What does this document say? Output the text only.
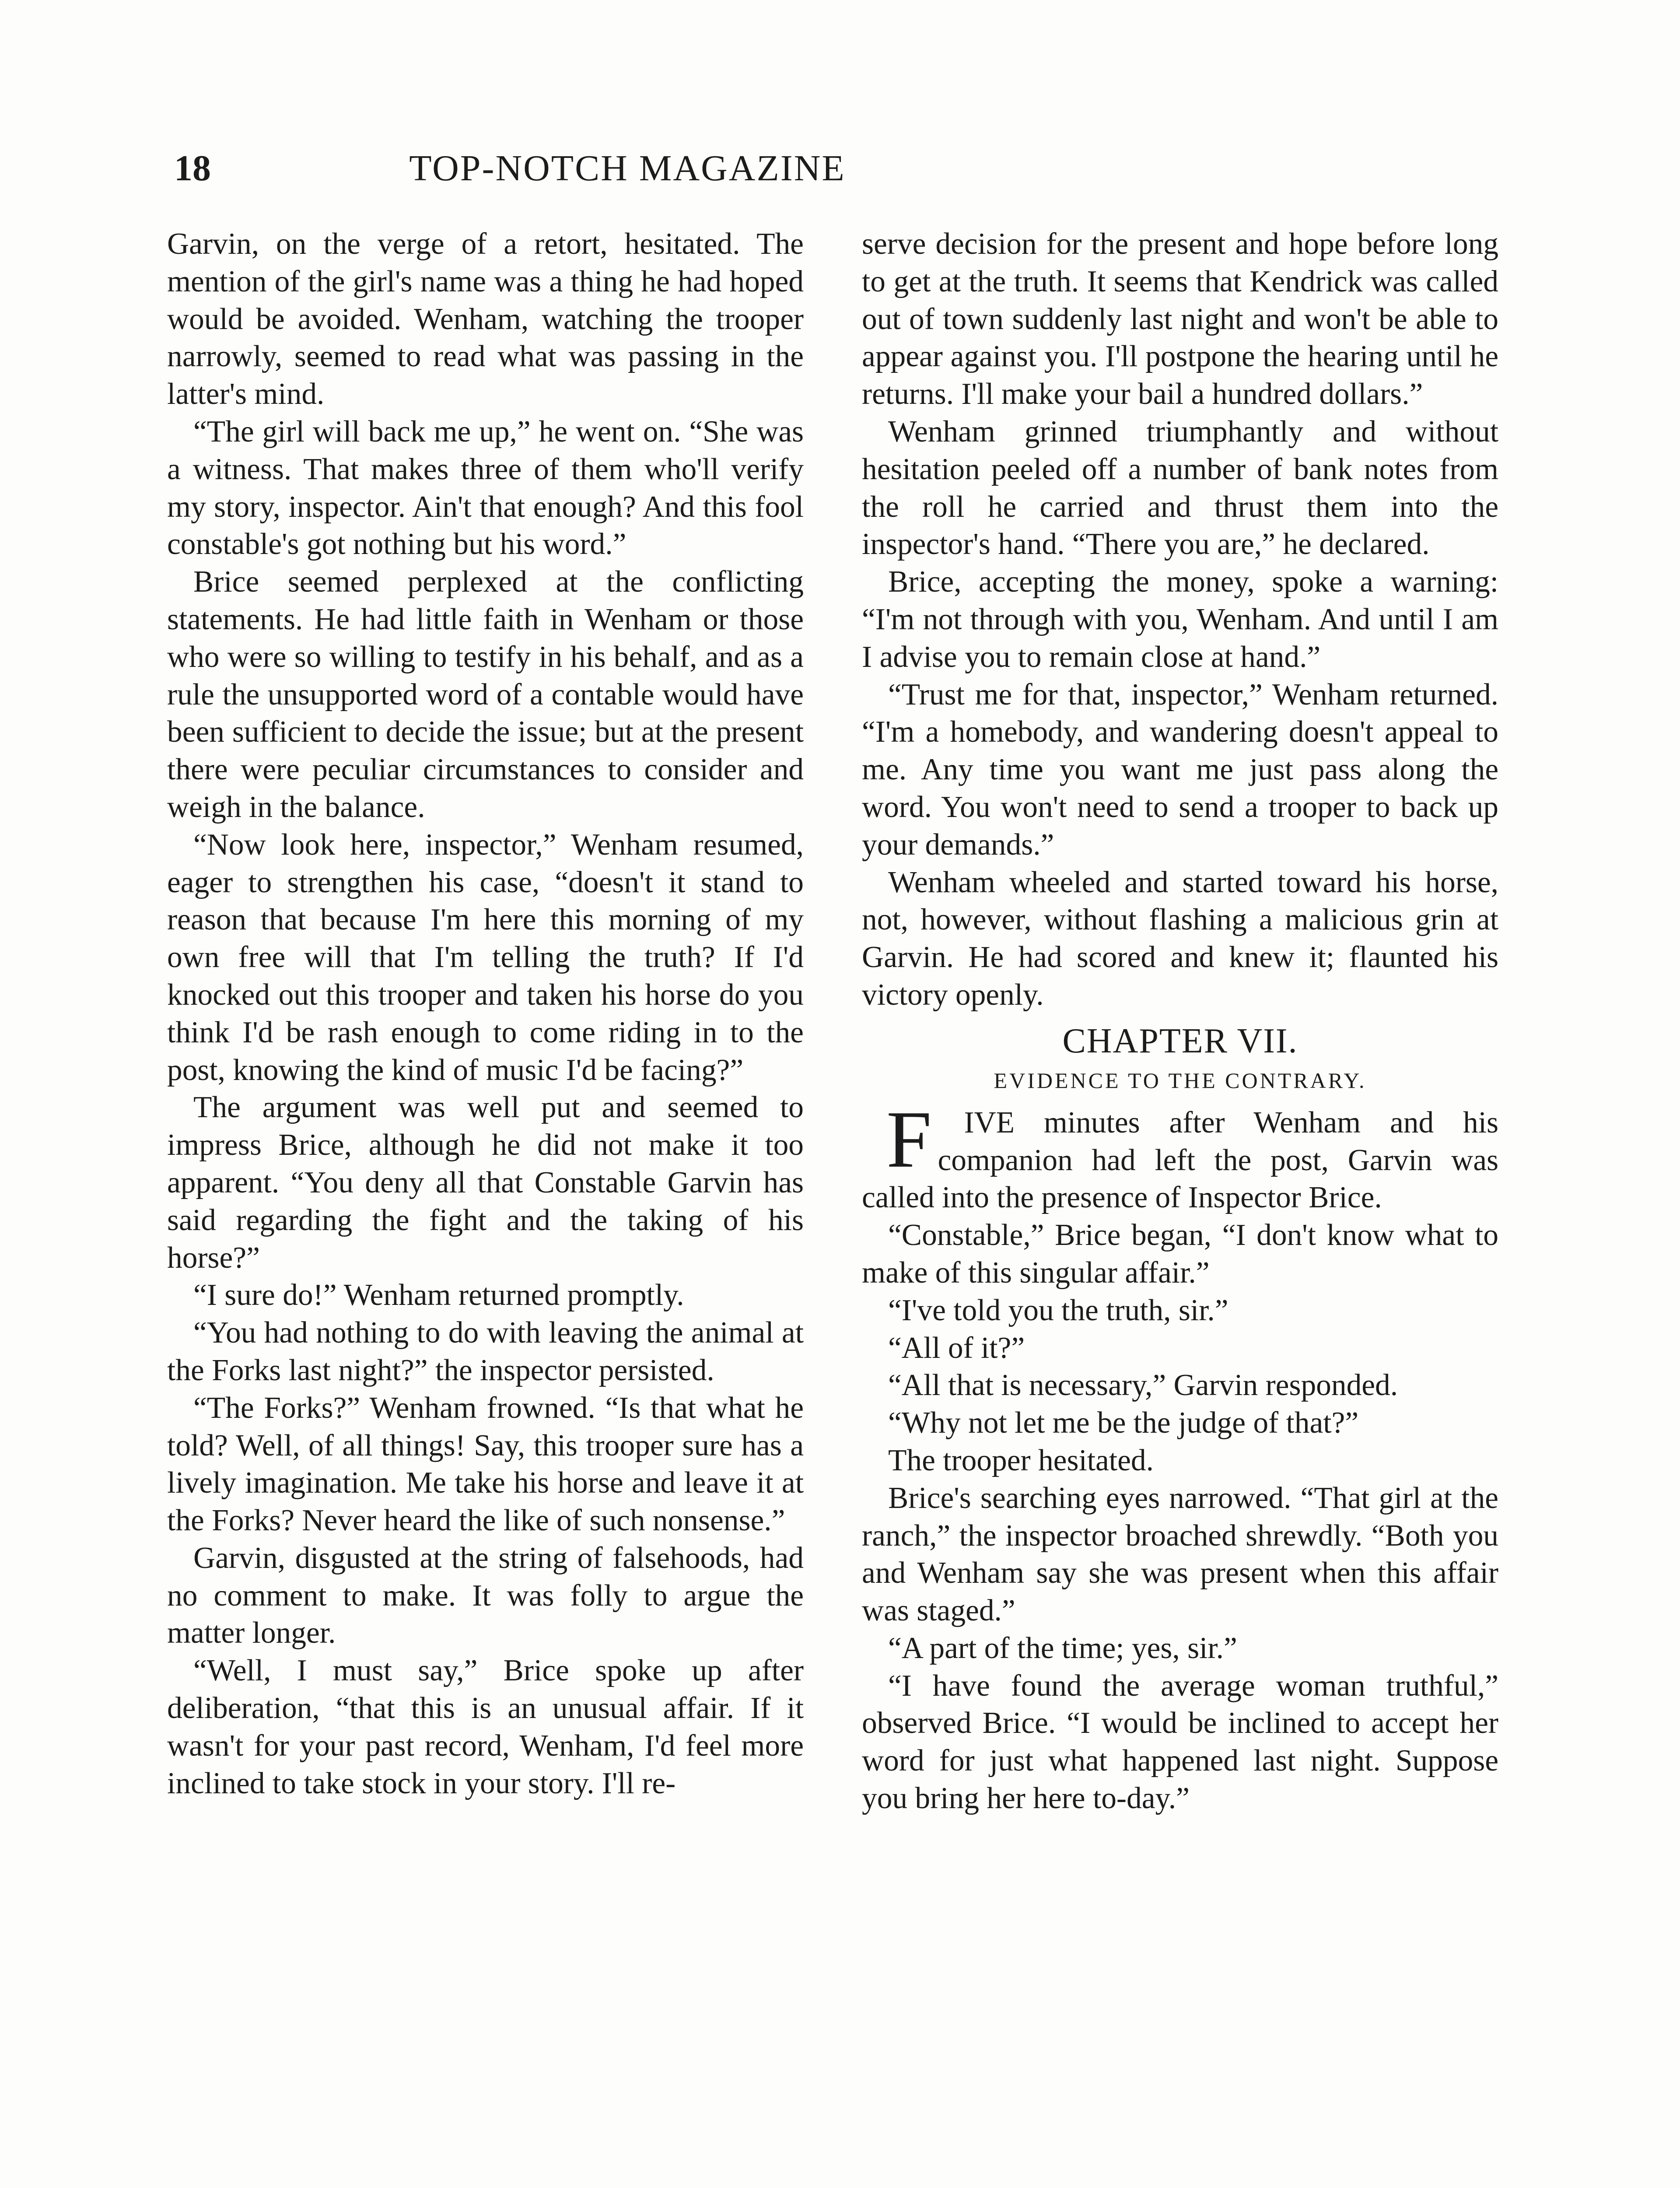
18	TOP-NOTCH MAGAZINE

Garvin, on the verge of a retort, hesitated. The mention of the girl's name was a thing he had hoped would be avoided. Wenham, watching the trooper narrowly, seemed to read what was passing in the latter's mind.

“The girl will back me up,” he went on. “She was a witness. That makes three of them who'll verify my story, inspector. Ain't that enough? And this fool constable's got nothing but his word.”

Brice seemed perplexed at the conflicting statements. He had little faith in Wenham or those who were so willing to testify in his behalf, and as a rule the unsupported word of a contable would have been sufficient to decide the issue; but at the present there were peculiar circumstances to consider and weigh in the balance.

“Now look here, inspector,” Wenham resumed, eager to strengthen his case, “doesn't it stand to reason that because I'm here this morning of my own free will that I'm telling the truth? If I'd knocked out this trooper and taken his horse do you think I'd be rash enough to come riding in to the post, knowing the kind of music I'd be facing?”

The argument was well put and seemed to impress Brice, although he did not make it too apparent. “You deny all that Constable Garvin has said regarding the fight and the taking of his horse?”

“I sure do!” Wenham returned promptly.

“You had nothing to do with leaving the animal at the Forks last night?” the inspector persisted.

“The Forks?” Wenham frowned. “Is that what he told? Well, of all things! Say, this trooper sure has a lively imagination. Me take his horse and leave it at the Forks? Never heard the like of such nonsense.”

Garvin, disgusted at the string of falsehoods, had no comment to make. It was folly to argue the matter longer.

“Well, I must say,” Brice spoke up after deliberation, “that this is an unusual affair. If it wasn't for your past record, Wenham, I'd feel more inclined to take stock in your story. I'll re-

serve decision for the present and hope before long to get at the truth. It seems that Kendrick was called out of town suddenly last night and won't be able to appear against you. I'll postpone the hearing until he returns. I'll make your bail a hundred dollars.”

Wenham grinned triumphantly and without hesitation peeled off a number of bank notes from the roll he carried and thrust them into the inspector's hand. “There you are,” he declared.

Brice, accepting the money, spoke a warning: “I'm not through with you, Wenham. And until I am I advise you to remain close at hand.”

“Trust me for that, inspector,” Wenham returned. “I'm a homebody, and wandering doesn't appeal to me. Any time you want me just pass along the word. You won't need to send a trooper to back up your demands.”

Wenham wheeled and started toward his horse, not, however, without flashing a malicious grin at Garvin. He had scored and knew it; flaunted his victory openly.

CHAPTER VII.
EVIDENCE TO THE CONTRARY.

F IVE minutes after Wenham and his companion had left the post, Garvin was called into the presence of Inspector Brice.

“Constable,” Brice began, “I don't know what to make of this singular affair.”

“I've told you the truth, sir.”

“All of it?”

“All that is necessary,” Garvin responded.

“Why not let me be the judge of that?”

The trooper hesitated.

Brice's searching eyes narrowed. “That girl at the ranch,” the inspector broached shrewdly. “Both you and Wenham say she was present when this affair was staged.”

“A part of the time; yes, sir.”

“I have found the average woman truthful,” observed Brice. “I would be inclined to accept her word for just what happened last night. Suppose you bring her here to-day.”
